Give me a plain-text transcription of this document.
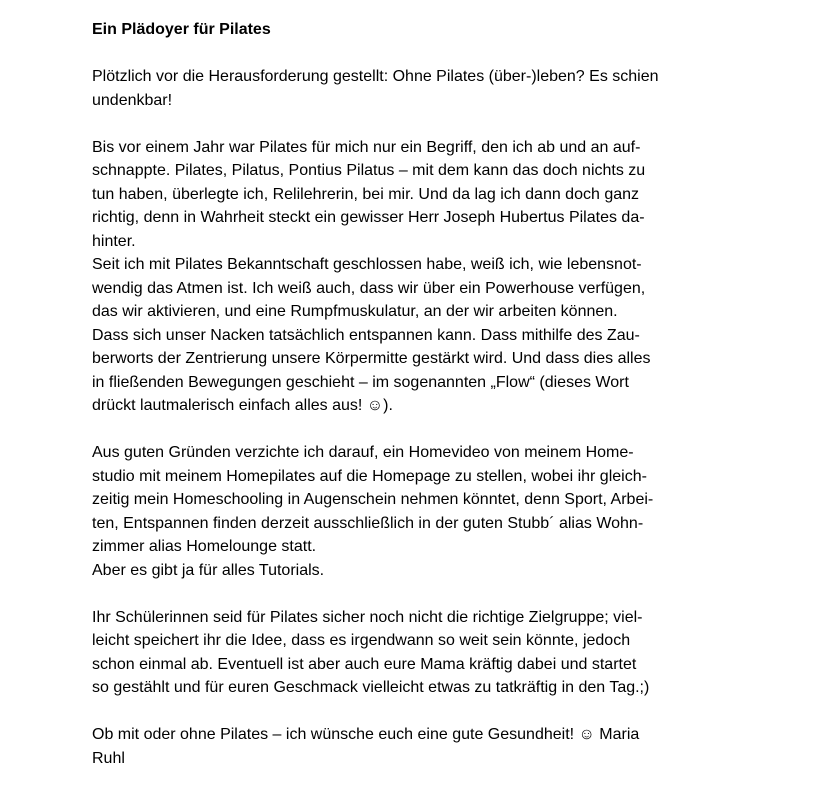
Ein Plädoyer für Pilates
Plötzlich vor die Herausforderung gestellt: Ohne Pilates (über-)leben? Es schien
undenkbar!
Bis vor einem Jahr war Pilates für mich nur ein Begriff, den ich ab und an auf-
schnappte. Pilates, Pilatus, Pontius Pilatus – mit dem kann das doch nichts zu
tun haben, überlegte ich, Relilehrerin, bei mir. Und da lag ich dann doch ganz
richtig, denn in Wahrheit steckt ein gewisser Herr Joseph Hubertus Pilates da-
hinter.
Seit ich mit Pilates Bekanntschaft geschlossen habe, weiß ich, wie lebensnot-
wendig das Atmen ist. Ich weiß auch, dass wir über ein Powerhouse verfügen,
das wir aktivieren, und eine Rumpfmuskulatur, an der wir arbeiten können.
Dass sich unser Nacken tatsächlich entspannen kann. Dass mithilfe des Zau-
berworts der Zentrierung unsere Körpermitte gestärkt wird. Und dass dies alles
in fließenden Bewegungen geschieht – im sogenannten „Flow“ (dieses Wort
drückt lautmalerisch einfach alles aus! ☺).
Aus guten Gründen verzichte ich darauf, ein Homevideo von meinem Home-
studio mit meinem Homepilates auf die Homepage zu stellen, wobei ihr gleich-
zeitig mein Homeschooling in Augenschein nehmen könntet, denn Sport, Arbei-
ten, Entspannen finden derzeit ausschließlich in der guten Stubb´ alias Wohn-
zimmer alias Homelounge statt.
Aber es gibt ja für alles Tutorials.
Ihr Schülerinnen seid für Pilates sicher noch nicht die richtige Zielgruppe; viel-
leicht speichert ihr die Idee, dass es irgendwann so weit sein könnte, jedoch
schon einmal ab. Eventuell ist aber auch eure Mama kräftig dabei und startet
so gestählt und für euren Geschmack vielleicht etwas zu tatkräftig in den Tag.;)
Ob mit oder ohne Pilates – ich wünsche euch eine gute Gesundheit! ☺ Maria
Ruhl
